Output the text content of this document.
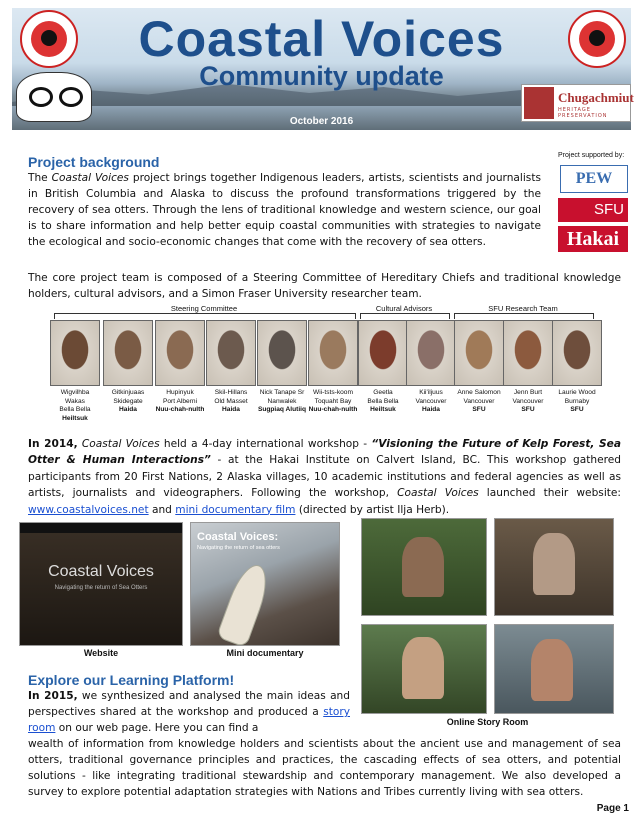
Coastal Voices
Community update
October 2016
Chugachmiut
HERITAGE PRESERVATION
Project background
The Coastal Voices project brings together Indigenous leaders, artists, scientists and journalists in British Columbia and Alaska to discuss the profound transformations triggered by the recovery of sea otters. Through the lens of traditional knowledge and western science, our goal is to share information and help better equip coastal communities with strategies to navigate the ecological and socio-economic changes that come with the recovery of sea otters.
The core project team is composed of a Steering Committee of Hereditary Chiefs and traditional knowledge holders, cultural advisors, and a Simon Fraser University researcher team.
Project supported by:
PEW
SFU
Hakai
Steering Committee	Cultural Advisors	SFU Research Team
Wigvilhba Wakas
Bella Bella
Heiltsuk
Gitkinjuaas
Skidegate
Haida
Hupinyuk
Port Alberni
Nuu-chah-nulth
Skil-Hillans
Old Masset
Haida
Nick Tanape Sr
Nanwalek
Sugpiaq Alutiiq
Wii-tsts-koom
Toquaht Bay
Nuu-chah-nulth
Geetla
Bella Bella
Heiltsuk
Kii'iljuus
Vancouver
Haida
Anne Salomon
Vancouver
SFU
Jenn Burt
Vancouver
SFU
Laurie Wood
Burnaby
SFU
In 2014, Coastal Voices held a 4-day international workshop - “Visioning the Future of Kelp Forest, Sea Otter & Human Interactions” - at the Hakai Institute on Calvert Island, BC. This workshop gathered participants from 20 First Nations, 2 Alaska villages, 10 academic institutions and federal agencies as well as artists, journalists and videographers. Following the workshop, Coastal Voices launched their website: www.coastalvoices.net and mini documentary film (directed by artist Ilja Herb).
Coastal Voices
Navigating the return of Sea Otters
Website
Coastal Voices:
Navigating the return of sea otters
Mini documentary
Online Story Room
Explore our Learning Platform!
In 2015, we synthesized and analysed the main ideas and perspectives shared at the workshop and produced a story room on our web page. Here you can find a
wealth of information from knowledge holders and scientists about the ancient use and management of sea otters, traditional governance principles and practices, the cascading effects of sea otters, and potential solutions - like integrating traditional stewardship and contemporary management. We also developed a survey to explore potential adaptation strategies with Nations and Tribes currently living with sea otters.
Page 1
